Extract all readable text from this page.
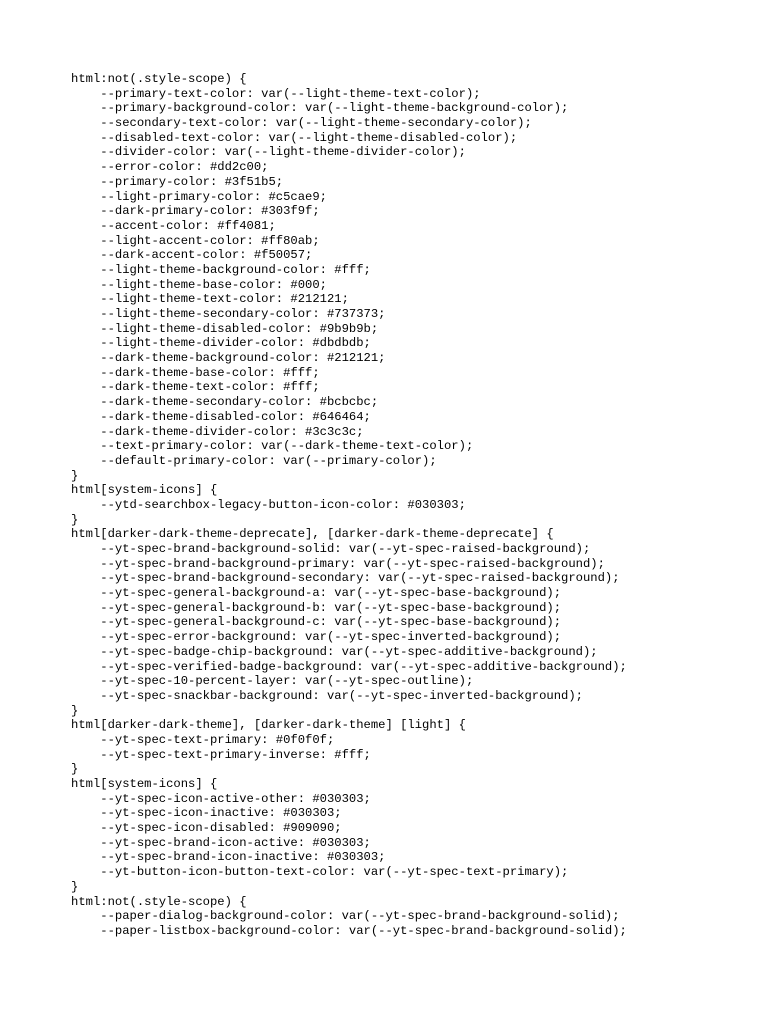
html:not(.style-scope) {
--primary-text-color: var(--light-theme-text-color);
--primary-background-color: var(--light-theme-background-color);
--secondary-text-color: var(--light-theme-secondary-color);
--disabled-text-color: var(--light-theme-disabled-color);
--divider-color: var(--light-theme-divider-color);
--error-color: #dd2c00;
--primary-color: #3f51b5;
--light-primary-color: #c5cae9;
--dark-primary-color: #303f9f;
--accent-color: #ff4081;
--light-accent-color: #ff80ab;
--dark-accent-color: #f50057;
--light-theme-background-color: #fff;
--light-theme-base-color: #000;
--light-theme-text-color: #212121;
--light-theme-secondary-color: #737373;
--light-theme-disabled-color: #9b9b9b;
--light-theme-divider-color: #dbdbdb;
--dark-theme-background-color: #212121;
--dark-theme-base-color: #fff;
--dark-theme-text-color: #fff;
--dark-theme-secondary-color: #bcbcbc;
--dark-theme-disabled-color: #646464;
--dark-theme-divider-color: #3c3c3c;
--text-primary-color: var(--dark-theme-text-color);
--default-primary-color: var(--primary-color);
}
html[system-icons] {
--ytd-searchbox-legacy-button-icon-color: #030303;
}
html[darker-dark-theme-deprecate], [darker-dark-theme-deprecate] {
--yt-spec-brand-background-solid: var(--yt-spec-raised-background);
--yt-spec-brand-background-primary: var(--yt-spec-raised-background);
--yt-spec-brand-background-secondary: var(--yt-spec-raised-background);
--yt-spec-general-background-a: var(--yt-spec-base-background);
--yt-spec-general-background-b: var(--yt-spec-base-background);
--yt-spec-general-background-c: var(--yt-spec-base-background);
--yt-spec-error-background: var(--yt-spec-inverted-background);
--yt-spec-badge-chip-background: var(--yt-spec-additive-background);
--yt-spec-verified-badge-background: var(--yt-spec-additive-background);
--yt-spec-10-percent-layer: var(--yt-spec-outline);
--yt-spec-snackbar-background: var(--yt-spec-inverted-background);
}
html[darker-dark-theme], [darker-dark-theme] [light] {
--yt-spec-text-primary: #0f0f0f;
--yt-spec-text-primary-inverse: #fff;
}
html[system-icons] {
--yt-spec-icon-active-other: #030303;
--yt-spec-icon-inactive: #030303;
--yt-spec-icon-disabled: #909090;
--yt-spec-brand-icon-active: #030303;
--yt-spec-brand-icon-inactive: #030303;
--yt-button-icon-button-text-color: var(--yt-spec-text-primary);
}
html:not(.style-scope) {
--paper-dialog-background-color: var(--yt-spec-brand-background-solid);
--paper-listbox-background-color: var(--yt-spec-brand-background-solid);
